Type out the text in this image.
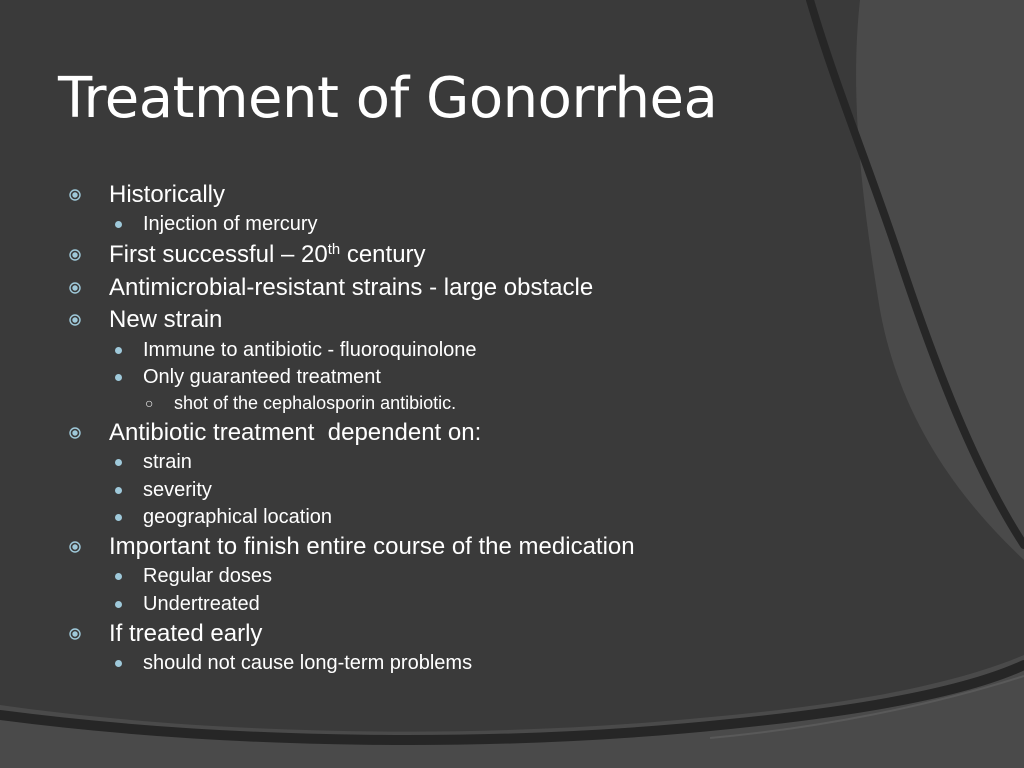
Treatment of Gonorrhea
Historically
Injection of mercury
First successful – 20th century
Antimicrobial-resistant strains - large obstacle
New strain
Immune to antibiotic - fluoroquinolone
Only guaranteed treatment
○ shot of the cephalosporin antibiotic.
Antibiotic treatment  dependent on:
strain
severity
geographical location
Important to finish entire course of the medication
Regular doses
Undertreated
If treated early
should not cause long-term problems
